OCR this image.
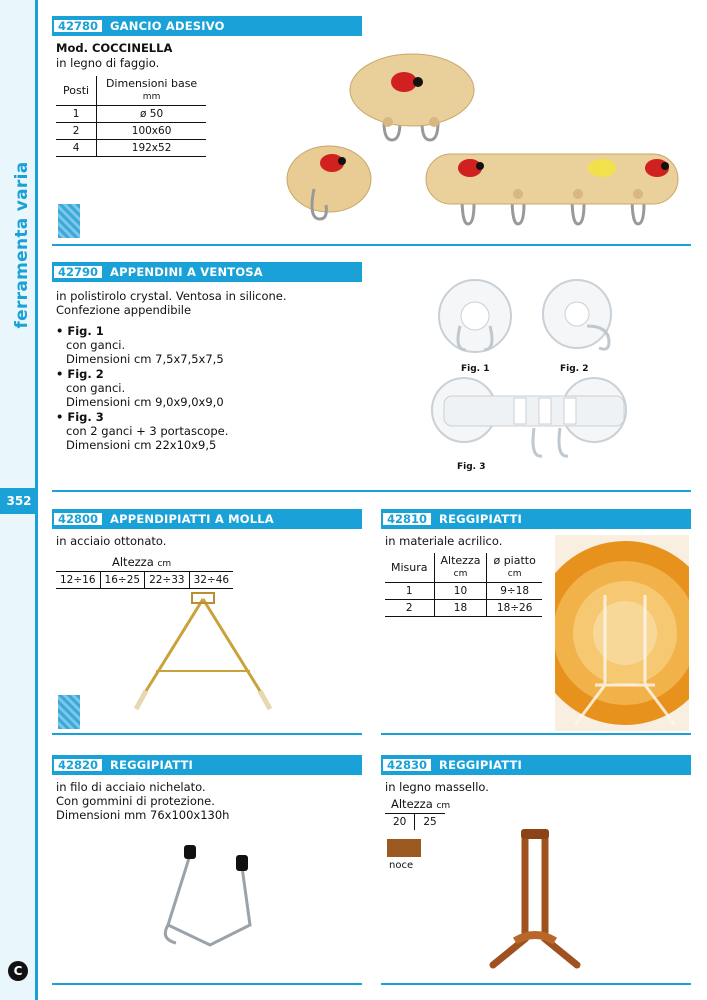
ferramenta varia
352
C
42780	GANCIO ADESIVO
Mod. COCCINELLA
in legno di faggio.
Posti	Dimensioni base
mm
1	ø 50
2	100x60
4	192x52
42790	APPENDINI A VENTOSA
in polistirolo crystal. Ventosa in silicone.
Confezione appendibile
• Fig. 1
con ganci.
Dimensioni cm 7,5x7,5x7,5
• Fig. 2
con ganci.
Dimensioni cm 9,0x9,0x9,0
• Fig. 3
con 2 ganci + 3 portascope.
Dimensioni cm 22x10x9,5
Fig. 1	Fig. 2
Fig. 3
42800	APPENDIPIATTI A MOLLA
in acciaio ottonato.
Altezza cm
12÷16	16÷25	22÷33	32÷46
42810	REGGIPIATTI
in materiale acrilico.
Misura	Altezza
cm	ø piatto
cm
1	10	9÷18
2	18	18÷26
42820	REGGIPIATTI
in filo di acciaio nichelato.
Con gommini di protezione.
Dimensioni mm 76x100x130h
42830	REGGIPIATTI
in legno massello.
Altezza cm
20	25
noce
